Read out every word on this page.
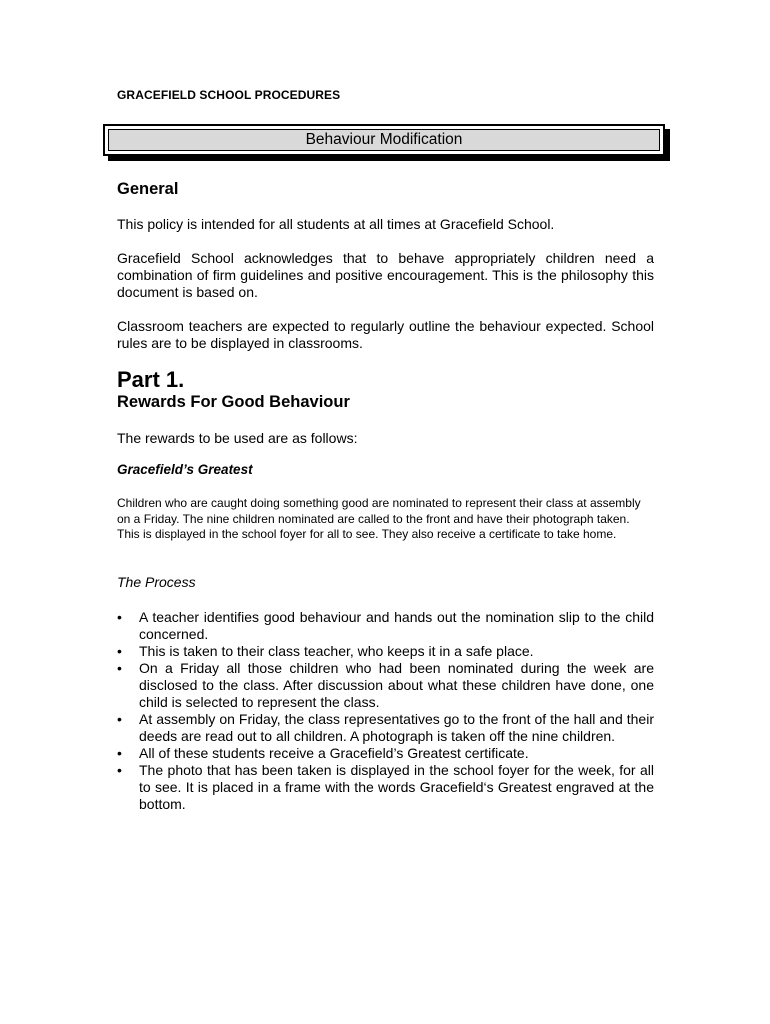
GRACEFIELD SCHOOL PROCEDURES
Behaviour Modification
General
This policy is intended for all students at all times at Gracefield School.
Gracefield School acknowledges that to behave appropriately children need a combination of firm guidelines and positive encouragement. This is the philosophy this document is based on.
Classroom teachers are expected to regularly outline the behaviour expected. School rules are to be displayed in classrooms.
Part 1.
Rewards For Good Behaviour
The rewards to be used are as follows:
Gracefield’s Greatest
Children who are caught doing something good are nominated to represent their class at assembly on a Friday. The nine children nominated are called to the front and have their photograph taken. This is displayed in the school foyer for all to see. They also receive a certificate to take home.
The Process
•	A teacher identifies good behaviour and hands out the nomination slip to the child concerned.
•	This is taken to their class teacher, who keeps it in a safe place.
•	On a Friday all those children who had been nominated during the week are disclosed to the class. After discussion about what these children have done, one child is selected to represent the class.
•	At assembly on Friday, the class representatives go to the front of the hall and their deeds are read out to all children. A photograph is taken off the nine children.
•	All of these students receive a Gracefield’s Greatest certificate.
•	The photo that has been taken is displayed in the school foyer for the week, for all to see. It is placed in a frame with the words Gracefield‘s Greatest engraved at the bottom.
